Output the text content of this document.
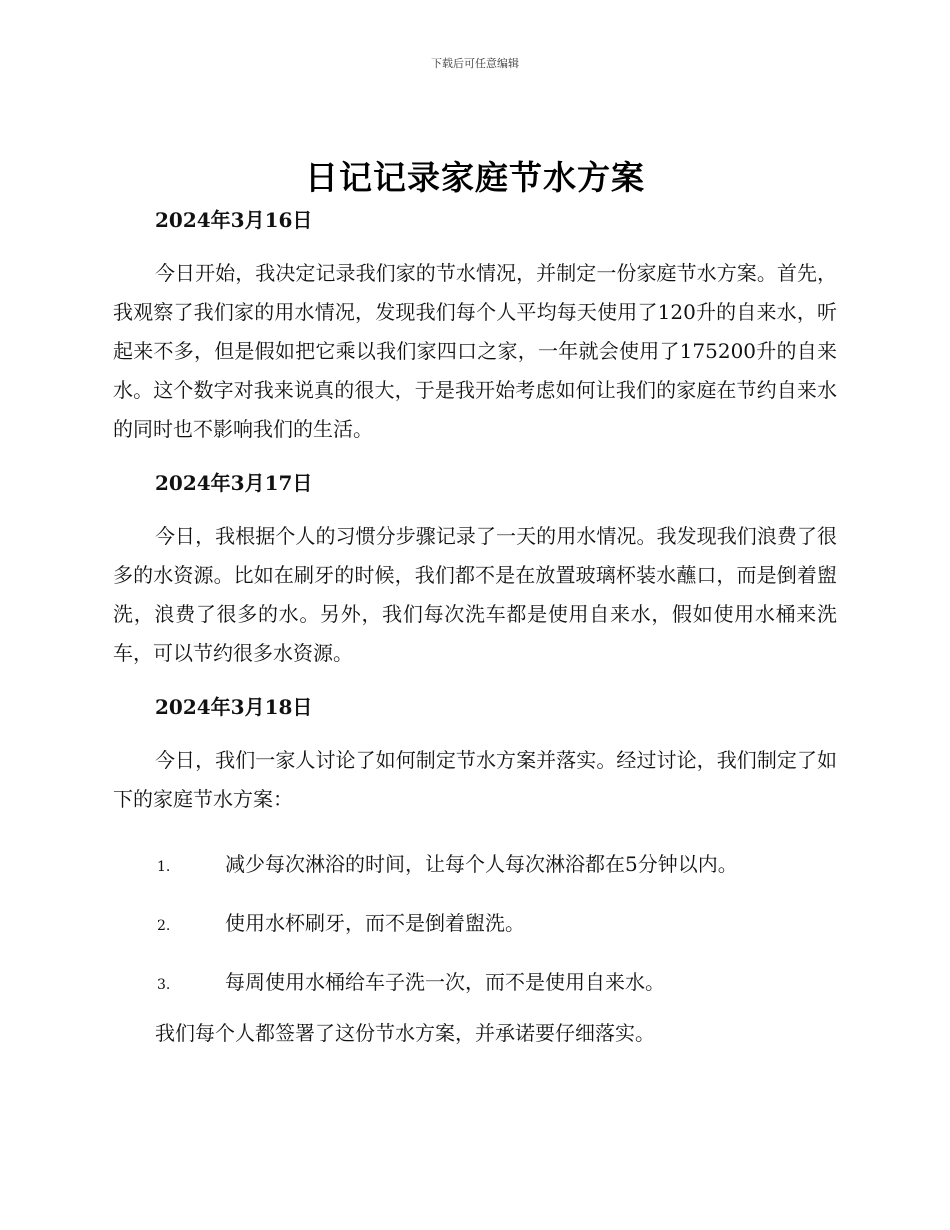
下载后可任意编辑
日记记录家庭节水方案

2024年3月16日

今日开始，我决定记录我们家的节水情况，并制定一份家庭节水方案。首先，我观察了我们家的用水情况，发现我们每个人平均每天使用了120升的自来水，听起来不多，但是假如把它乘以我们家四口之家，一年就会使用了175200升的自来水。这个数字对我来说真的很大，于是我开始考虑如何让我们的家庭在节约自来水的同时也不影响我们的生活。

2024年3月17日

今日，我根据个人的习惯分步骤记录了一天的用水情况。我发现我们浪费了很多的水资源。比如在刷牙的时候，我们都不是在放置玻璃杯装水蘸口，而是倒着盥洗，浪费了很多的水。另外，我们每次洗车都是使用自来水，假如使用水桶来洗车，可以节约很多水资源。

2024年3月18日

今日，我们一家人讨论了如何制定节水方案并落实。经过讨论，我们制定了如下的家庭节水方案：

1.	减少每次淋浴的时间，让每个人每次淋浴都在5分钟以内。
2.	使用水杯刷牙，而不是倒着盥洗。
3.	每周使用水桶给车子洗一次，而不是使用自来水。

我们每个人都签署了这份节水方案，并承诺要仔细落实。
